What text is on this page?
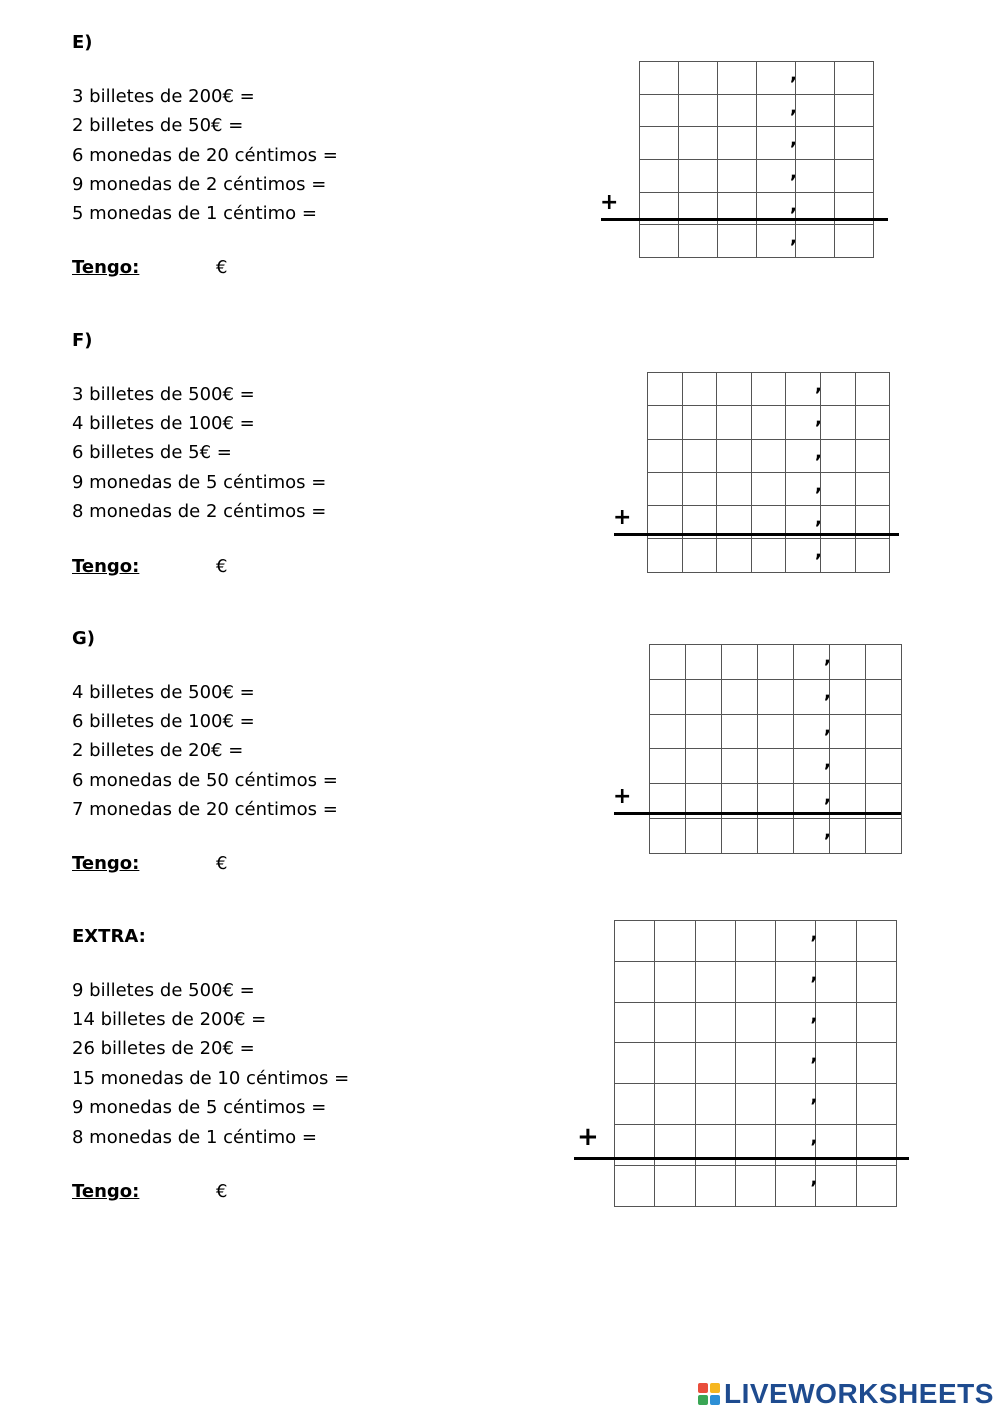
E)
3 billetes de 200€ =
2 billetes de 50€ =
6 monedas de 20 céntimos =
9 monedas de 2 céntimos =
5 monedas de 1 céntimo =
Tengo:	€

				,	

				,	

				,	

				,	

				,	

				,	

+
F)
3 billetes de 500€ =
4 billetes de 100€ =
6 billetes de 5€ =
9 monedas de 5 céntimos =
8 monedas de 2 céntimos =
Tengo:	€

					,	

					,	

					,	

					,	

					,	

					,	

+
G)
4 billetes de 500€ =
6 billetes de 100€ =
2 billetes de 20€ =
6 monedas de 50 céntimos =
7 monedas de 20 céntimos =
Tengo:	€

					,	

					,	

					,	

					,	

					,	

					,	

+
EXTRA:
9 billetes de 500€ =
14 billetes de 200€ =
26 billetes de 20€ =
15 monedas de 10 céntimos =
9 monedas de 5 céntimos =
8 monedas de 1 céntimo =
Tengo:	€

					,	

					,	

					,	

					,	

					,	

					,	

					,	

+
LIVEWORKSHEETS
